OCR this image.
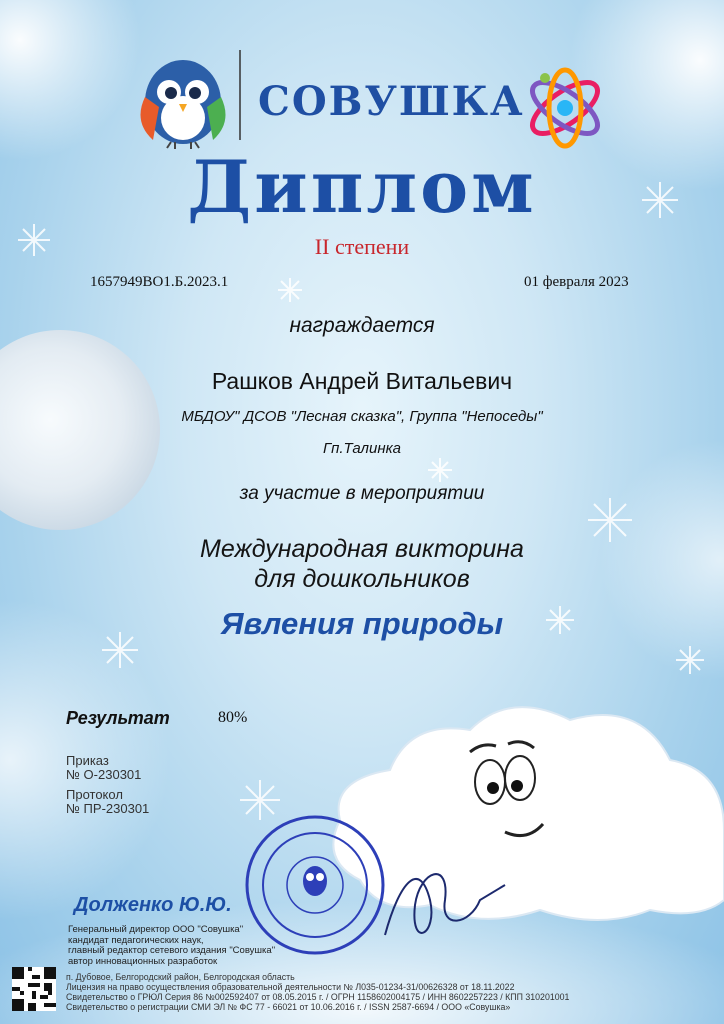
СОВУШКА
Диплом
II степени
1657949ВО1.Б.2023.1	01 февраля 2023
награждается
Рашков Андрей Витальевич
МБДОУ" ДСОВ "Лесная сказка", Группа "Непоседы"
Гп.Талинка
за участие в мероприятии
Международная викторина
для дошкольников
Явления природы
Результат	80%
Приказ
№ О-230301
Протокол
№ ПР-230301
Долженко Ю.Ю.
Генеральный директор ООО "Совушка"
кандидат педагогических наук,
главный редактор сетевого издания "Совушка"
автор инновационных разработок
п. Дубовое, Белгородский район, Белгородская область
Лицензия на право осуществления образовательной деятельности № Л035-01234-31/00626328 от 18.11.2022
Свидетельство о ГРЮЛ Серия 86 №002592407 от 08.05.2015 г. / ОГРН 1158602004175 / ИНН 8602257223 / КПП 310201001
Свидетельство о регистрации СМИ ЭЛ № ФС 77 - 66021 от 10.06.2016 г. / ISSN 2587-6694 / ООО «Совушка»
